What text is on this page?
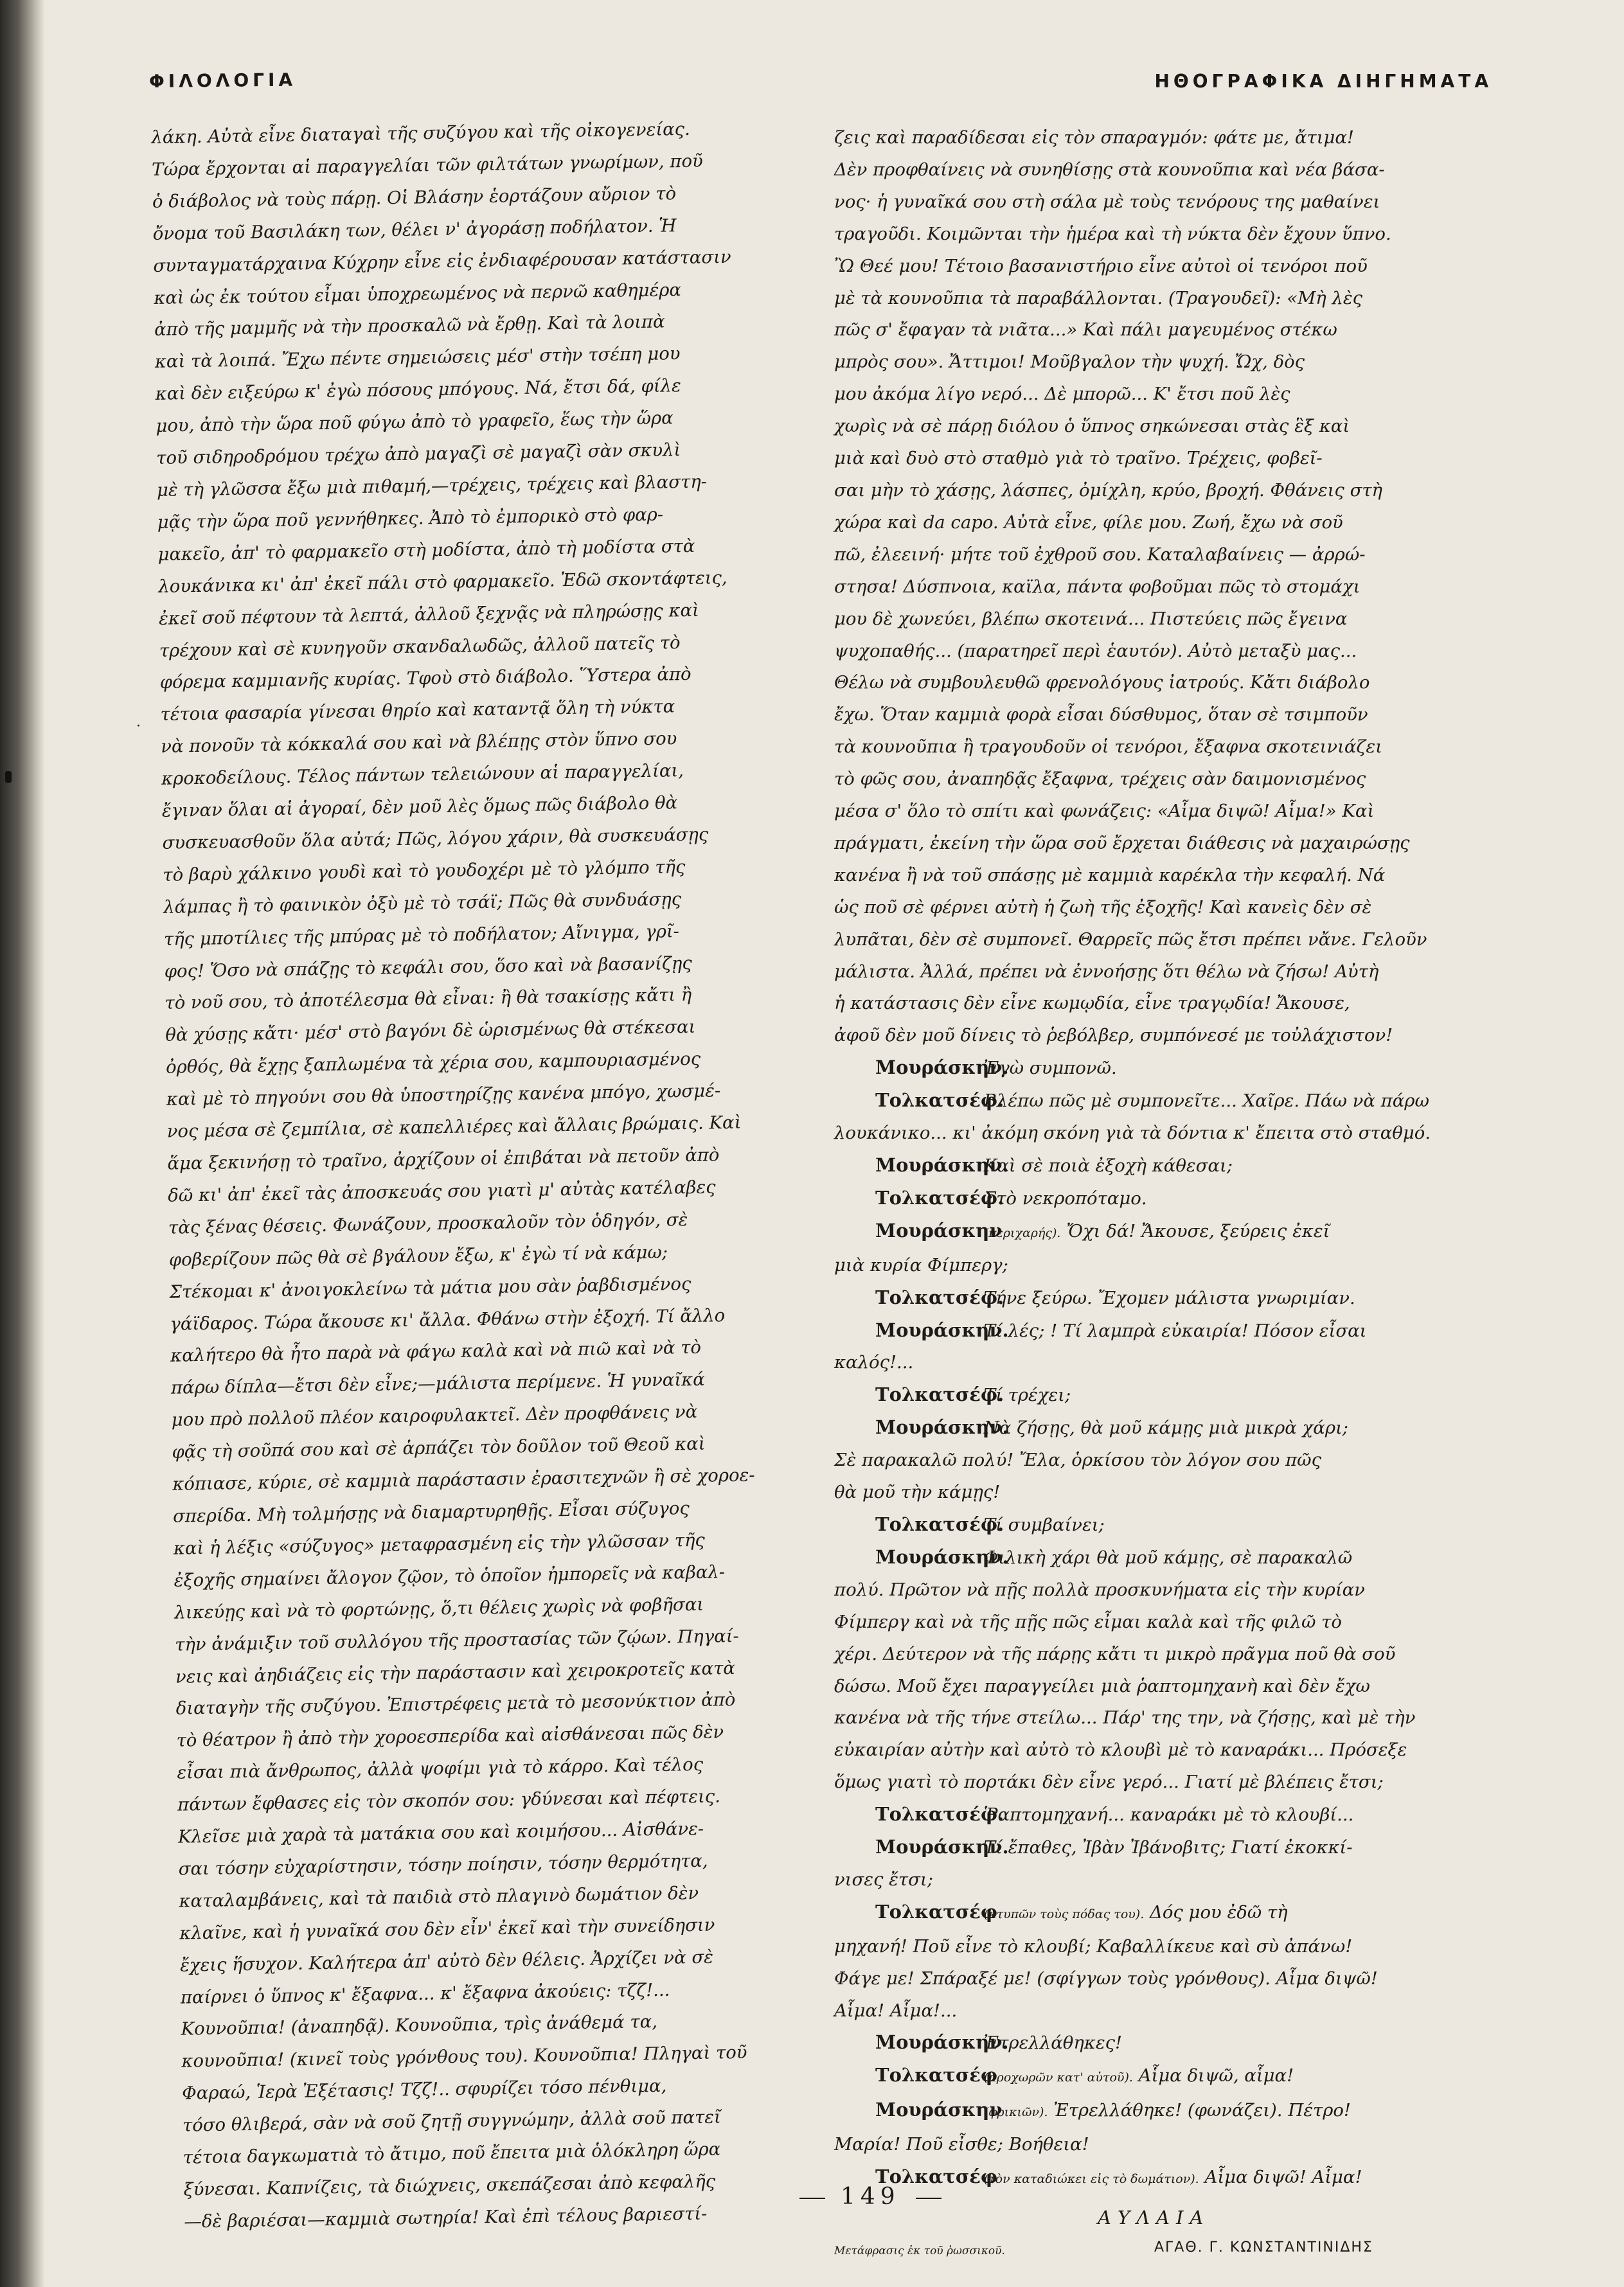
ΦΙΛΟΛΟΓΙΑ	ΗΘΟΓΡΑΦΙΚΑ ΔΙΗΓΗΜΑΤΑ
·

λάκη. Αὐτὰ εἶνε διαταγαὶ τῆς συζύγου καὶ τῆς οἰκογενείας.

Τώρα ἔρχονται αἱ παραγγελίαι τῶν φιλτάτων γνωρίμων, ποῦ

ὁ διάβολος νὰ τοὺς πάρῃ. Οἱ Βλάσην ἑορτάζουν αὔριον τὸ

ὄνομα τοῦ Βασιλάκη των, θέλει ν' ἀγοράσῃ ποδήλατον. Ἡ

συνταγματάρχαινα Κύχρην εἶνε εἰς ἐνδιαφέρουσαν κατάστασιν

καὶ ὡς ἐκ τούτου εἶμαι ὑποχρεωμένος νὰ περνῶ καθημέρα

ἀπὸ τῆς μαμμῆς νὰ τὴν προσκαλῶ νὰ ἔρθῃ. Καὶ τὰ λοιπὰ

καὶ τὰ λοιπά. Ἔχω πέντε σημειώσεις μέσ' στὴν τσέπη μου

καὶ δὲν ειξεύρω κ' ἐγὼ πόσους μπόγους. Νά, ἔτσι δά, φίλε

μου, ἀπὸ τὴν ὥρα ποῦ φύγω ἀπὸ τὸ γραφεῖο, ἕως τὴν ὥρα

τοῦ σιδηροδρόμου τρέχω ἀπὸ μαγαζὶ σὲ μαγαζὶ σὰν σκυλὶ

μὲ τὴ γλῶσσα ἔξω μιὰ πιθαμή,—τρέχεις, τρέχεις καὶ βλαστη-

μᾷς τὴν ὥρα ποῦ γεννήθηκες. Ἀπὸ τὸ ἐμπορικὸ στὸ φαρ-

μακεῖο, ἀπ' τὸ φαρμακεῖο στὴ μοδίστα, ἀπὸ τὴ μοδίστα στὰ

λουκάνικα κι' ἀπ' ἐκεῖ πάλι στὸ φαρμακεῖο. Ἐδῶ σκοντάφτεις,

ἐκεῖ σοῦ πέφτουν τὰ λεπτά, ἀλλοῦ ξεχνᾷς νὰ πληρώσῃς καὶ

τρέχουν καὶ σὲ κυνηγοῦν σκανδαλωδῶς, ἀλλοῦ πατεῖς τὸ

φόρεμα καμμιανῆς κυρίας. Τφοὺ στὸ διάβολο. Ὕστερα ἀπὸ

τέτοια φασαρία γίνεσαι θηρίο καὶ καταντᾷ ὅλη τὴ νύκτα

νὰ πονοῦν τὰ κόκκαλά σου καὶ νὰ βλέπῃς στὸν ὕπνο σου

κροκοδείλους. Τέλος πάντων τελειώνουν αἱ παραγγελίαι,

ἔγιναν ὅλαι αἱ ἀγοραί, δὲν μοῦ λὲς ὅμως πῶς διάβολο θὰ

συσκευασθοῦν ὅλα αὐτά; Πῶς, λόγου χάριν, θὰ συσκευάσῃς

τὸ βαρὺ χάλκινο γουδὶ καὶ τὸ γουδοχέρι μὲ τὸ γλόμπο τῆς

λάμπας ἢ τὸ φαινικὸν ὀξὺ μὲ τὸ τσάϊ; Πῶς θὰ συνδυάσῃς

τῆς μποτίλιες τῆς μπύρας μὲ τὸ ποδήλατον; Αἴνιγμα, γρῖ-

φος! Ὅσο νὰ σπάζῃς τὸ κεφάλι σου, ὅσο καὶ νὰ βασανίζῃς

τὸ νοῦ σου, τὸ ἀποτέλεσμα θὰ εἶναι: ἢ θὰ τσακίσῃς κἄτι ἢ

θὰ χύσῃς κἄτι· μέσ' στὸ βαγόνι δὲ ὡρισμένως θὰ στέκεσαι

ὀρθός, θὰ ἔχῃς ξαπλωμένα τὰ χέρια σου, καμπουριασμένος

καὶ μὲ τὸ πηγούνι σου θὰ ὑποστηρίζῃς κανένα μπόγο, χωσμέ-

νος μέσα σὲ ζεμπίλια, σὲ καπελλιέρες καὶ ἄλλαις βρώμαις. Καὶ

ἅμα ξεκινήσῃ τὸ τραῖνο, ἀρχίζουν οἱ ἐπιβάται νὰ πετοῦν ἀπὸ

δῶ κι' ἀπ' ἐκεῖ τὰς ἀποσκευάς σου γιατὶ μ' αὐτὰς κατέλαβες

τὰς ξένας θέσεις. Φωνάζουν, προσκαλοῦν τὸν ὁδηγόν, σὲ

φοβερίζουν πῶς θὰ σὲ βγάλουν ἔξω, κ' ἐγὼ τί νὰ κάμω;

Στέκομαι κ' ἀνοιγοκλείνω τὰ μάτια μου σὰν ῥαβδισμένος

γάϊδαρος. Τώρα ἄκουσε κι' ἄλλα. Φθάνω στὴν ἐξοχή. Τί ἄλλο

καλήτερο θὰ ἦτο παρὰ νὰ φάγω καλὰ καὶ νὰ πιῶ καὶ νὰ τὸ

πάρω δίπλα—ἔτσι δὲν εἶνε;—μάλιστα περίμενε. Ἡ γυναῖκά

μου πρὸ πολλοῦ πλέον καιροφυλακτεῖ. Δὲν προφθάνεις νὰ

φᾷς τὴ σοῦπά σου καὶ σὲ ἁρπάζει τὸν δοῦλον τοῦ Θεοῦ καὶ

κόπιασε, κύριε, σὲ καμμιὰ παράστασιν ἐρασιτεχνῶν ἢ σὲ χοροε-

σπερίδα. Μὴ τολμήσῃς νὰ διαμαρτυρηθῇς. Εἶσαι σύζυγος

καὶ ἡ λέξις «σύζυγος» μεταφρασμένη εἰς τὴν γλῶσσαν τῆς

ἐξοχῆς σημαίνει ἄλογον ζῷον, τὸ ὁποῖον ἠμπορεῖς νὰ καβαλ-

λικεύῃς καὶ νὰ τὸ φορτώνῃς, ὅ,τι θέλεις χωρὶς νὰ φοβῆσαι

τὴν ἀνάμιξιν τοῦ συλλόγου τῆς προστασίας τῶν ζῴων. Πηγαί-

νεις καὶ ἀηδιάζεις εἰς τὴν παράστασιν καὶ χειροκροτεῖς κατὰ

διαταγὴν τῆς συζύγου. Ἐπιστρέφεις μετὰ τὸ μεσονύκτιον ἀπὸ

τὸ θέατρον ἢ ἀπὸ τὴν χοροεσπερίδα καὶ αἰσθάνεσαι πῶς δὲν

εἶσαι πιὰ ἄνθρωπος, ἀλλὰ ψοφίμι γιὰ τὸ κάρρο. Καὶ τέλος

πάντων ἔφθασες εἰς τὸν σκοπόν σου: γδύνεσαι καὶ πέφτεις.

Κλεῖσε μιὰ χαρὰ τὰ ματάκια σου καὶ κοιμήσου... Αἰσθάνε-

σαι τόσην εὐχαρίστησιν, τόσην ποίησιν, τόσην θερμότητα,

καταλαμβάνεις, καὶ τὰ παιδιὰ στὸ πλαγινὸ δωμάτιον δὲν

κλαῖνε, καὶ ἡ γυναῖκά σου δὲν εἶν' ἐκεῖ καὶ τὴν συνείδησιν

ἔχεις ἥσυχον. Καλήτερα ἀπ' αὐτὸ δὲν θέλεις. Ἀρχίζει νὰ σὲ

παίρνει ὁ ὕπνος κ' ἔξαφνα... κ' ἔξαφνα ἀκούεις: τζζ!...

Κουνοῦπια! (ἀναπηδᾷ). Κουνοῦπια, τρὶς ἀνάθεμά τα,

κουνοῦπια! (κινεῖ τοὺς γρόνθους του). Κουνοῦπια! Πληγαὶ τοῦ

Φαραώ, Ἱερὰ Ἐξέτασις! Τζζ!.. σφυρίζει τόσο πένθιμα,

τόσο θλιβερά, σὰν νὰ σοῦ ζητῇ συγγνώμην, ἀλλὰ σοῦ πατεῖ

τέτοια δαγκωματιὰ τὸ ἄτιμο, ποῦ ἔπειτα μιὰ ὁλόκληρη ὥρα

ξύνεσαι. Καπνίζεις, τὰ διώχνεις, σκεπάζεσαι ἀπὸ κεφαλῆς

—δὲ βαριέσαι—καμμιὰ σωτηρία! Καὶ ἐπὶ τέλους βαριεστί-

ζεις καὶ παραδίδεσαι εἰς τὸν σπαραγμόν: φάτε με, ἄτιμα!

Δὲν προφθαίνεις νὰ συνηθίσῃς στὰ κουνοῦπια καὶ νέα βάσα-

νος· ἡ γυναῖκά σου στὴ σάλα μὲ τοὺς τενόρους της μαθαίνει

τραγοῦδι. Κοιμῶνται τὴν ἡμέρα καὶ τὴ νύκτα δὲν ἔχουν ὕπνο.

Ὢ Θεέ μου! Τέτοιο βασανιστήριο εἶνε αὐτοὶ οἱ τενόροι ποῦ

μὲ τὰ κουνοῦπια τὰ παραβάλλονται. (Τραγουδεῖ): «Μὴ λὲς

πῶς σ' ἔφαγαν τὰ νιᾶτα...» Καὶ πάλι μαγευμένος στέκω

μπρὸς σου». Ἄττιμοι! Μοῦβγαλον τὴν ψυχή. Ὤχ, δὸς

μου ἀκόμα λίγο νερό... Δὲ μπορῶ... Κ' ἔτσι ποῦ λὲς

χωρὶς νὰ σὲ πάρῃ διόλου ὁ ὕπνος σηκώνεσαι στὰς ἓξ καὶ

μιὰ καὶ δυὸ στὸ σταθμὸ γιὰ τὸ τραῖνο. Τρέχεις, φοβεῖ-

σαι μὴν τὸ χάσῃς, λάσπες, ὀμίχλη, κρύο, βροχή. Φθάνεις στὴ

χώρα καὶ da capo. Αὐτὰ εἶνε, φίλε μου. Ζωή, ἔχω νὰ σοῦ

πῶ, ἐλεεινή· μήτε τοῦ ἐχθροῦ σου. Καταλαβαίνεις — ἀρρώ-

στησα! Δύσπνοια, καϊλα, πάντα φοβοῦμαι πῶς τὸ στομάχι

μου δὲ χωνεύει, βλέπω σκοτεινά... Πιστεύεις πῶς ἔγεινα

ψυχοπαθής... (παρατηρεῖ περὶ ἑαυτόν). Αὐτὸ μεταξὺ μας...

Θέλω νὰ συμβουλευθῶ φρενολόγους ἰατρούς. Κἄτι διάβολο

ἔχω. Ὅταν καμμιὰ φορὰ εἶσαι δύσθυμος, ὅταν σὲ τσιμποῦν

τὰ κουνοῦπια ἢ τραγουδοῦν οἱ τενόροι, ἔξαφνα σκοτεινιάζει

τὸ φῶς σου, ἀναπηδᾷς ἔξαφνα, τρέχεις σὰν δαιμονισμένος

μέσα σ' ὅλο τὸ σπίτι καὶ φωνάζεις: «Αἷμα διψῶ! Αἷμα!» Καὶ

πράγματι, ἐκείνη τὴν ὥρα σοῦ ἔρχεται διάθεσις νὰ μαχαιρώσῃς

κανένα ἢ νὰ τοῦ σπάσῃς μὲ καμμιὰ καρέκλα τὴν κεφαλή. Νά

ὡς ποῦ σὲ φέρνει αὐτὴ ἡ ζωὴ τῆς ἐξοχῆς! Καὶ κανεὶς δὲν σὲ

λυπᾶται, δὲν σὲ συμπονεῖ. Θαρρεῖς πῶς ἔτσι πρέπει νἄνε. Γελοῦν

μάλιστα. Ἀλλά, πρέπει νὰ ἐννοήσῃς ὅτι θέλω νὰ ζήσω! Αὐτὴ

ἡ κατάστασις δὲν εἶνε κωμῳδία, εἶνε τραγῳδία! Ἄκουσε,

ἀφοῦ δὲν μοῦ δίνεις τὸ ῥεβόλβερ, συμπόνεσέ με τοὐλάχιστον!

Μουράσκην. Ἐγὼ συμπονῶ.

Τολκατσέφ. Βλέπω πῶς μὲ συμπονεῖτε... Χαῖρε. Πάω νὰ πάρω

λουκάνικο... κι' ἀκόμη σκόνη γιὰ τὰ δόντια κ' ἔπειτα στὸ σταθμό.

Μουράσκην. Καὶ σὲ ποιὰ ἐξοχὴ κάθεσαι;

Τολκατσέφ. Στὸ νεκροπόταμο.

Μουράσκην (περιχαρής). Ὄχι δά! Ἄκουσε, ξεύρεις ἐκεῖ

μιὰ κυρία Φίμπεργ;

Τολκατσέφ. Τήνε ξεύρω. Ἔχομεν μάλιστα γνωριμίαν.

Μουράσκην. Τί λές; ! Τί λαμπρὰ εὐκαιρία! Πόσον εἶσαι

καλός!...

Τολκατσέφ. Τί τρέχει;

Μουράσκην. Νὰ ζήσῃς, θὰ μοῦ κάμῃς μιὰ μικρὰ χάρι;

Σὲ παρακαλῶ πολύ! Ἔλα, ὁρκίσου τὸν λόγον σου πῶς

θὰ μοῦ τὴν κάμῃς!

Τολκατσέφ. Τί συμβαίνει;

Μουράσκην. Φιλικὴ χάρι θὰ μοῦ κάμῃς, σὲ παρακαλῶ

πολύ. Πρῶτον νὰ πῇς πολλὰ προσκυνήματα εἰς τὴν κυρίαν

Φίμπεργ καὶ νὰ τῆς πῇς πῶς εἶμαι καλὰ καὶ τῆς φιλῶ τὸ

χέρι. Δεύτερον νὰ τῆς πάρῃς κἄτι τι μικρὸ πρᾶγμα ποῦ θὰ σοῦ

δώσω. Μοῦ ἔχει παραγγείλει μιὰ ῥαπτομηχανὴ καὶ δὲν ἔχω

κανένα νὰ τῆς τήνε στείλω... Πάρ' της την, νὰ ζήσῃς, καὶ μὲ τὴν

εὐκαιρίαν αὐτὴν καὶ αὐτὸ τὸ κλουβὶ μὲ τὸ καναράκι... Πρόσεξε

ὅμως γιατὶ τὸ πορτάκι δὲν εἶνε γερό... Γιατί μὲ βλέπεις ἔτσι;

Τολκατσέφ. Ῥαπτομηχανή... καναράκι μὲ τὸ κλουβί...

Μουράσκην. Τί ἔπαθες, Ἰβὰν Ἰβάνοβιτς; Γιατί ἐκοκκί-

νισες ἔτσι;

Τολκατσέφ (κτυπῶν τοὺς πόδας του). Δός μου ἐδῶ τὴ

μηχανή! Ποῦ εἶνε τὸ κλουβί; Καβαλλίκευε καὶ σὺ ἀπάνω!

Φάγε με! Σπάραξέ με! (σφίγγων τοὺς γρόνθους). Αἷμα διψῶ!

Αἷμα! Αἷμα!...

Μουράσκην. Ἐτρελλάθηκες!

Τολκατσέφ (προχωρῶν κατ' αὐτοῦ). Αἷμα διψῶ, αἷμα!

Μουράσκην (φρικιῶν). Ἐτρελλάθηκε! (φωνάζει). Πέτρο!

Μαρία! Ποῦ εἶσθε; Βοήθεια!

Τολκατσέφ (τὸν καταδιώκει εἰς τὸ δωμάτιον). Αἷμα διψῶ! Αἷμα!

ΑΥΛΑΙΑ
Μετάφρασις ἐκ τοῦ ῥωσσικοῦ.	ΑΓΑΘ. Γ. ΚΩΝΣΤΑΝΤΙΝΙΔΗΣ
149
